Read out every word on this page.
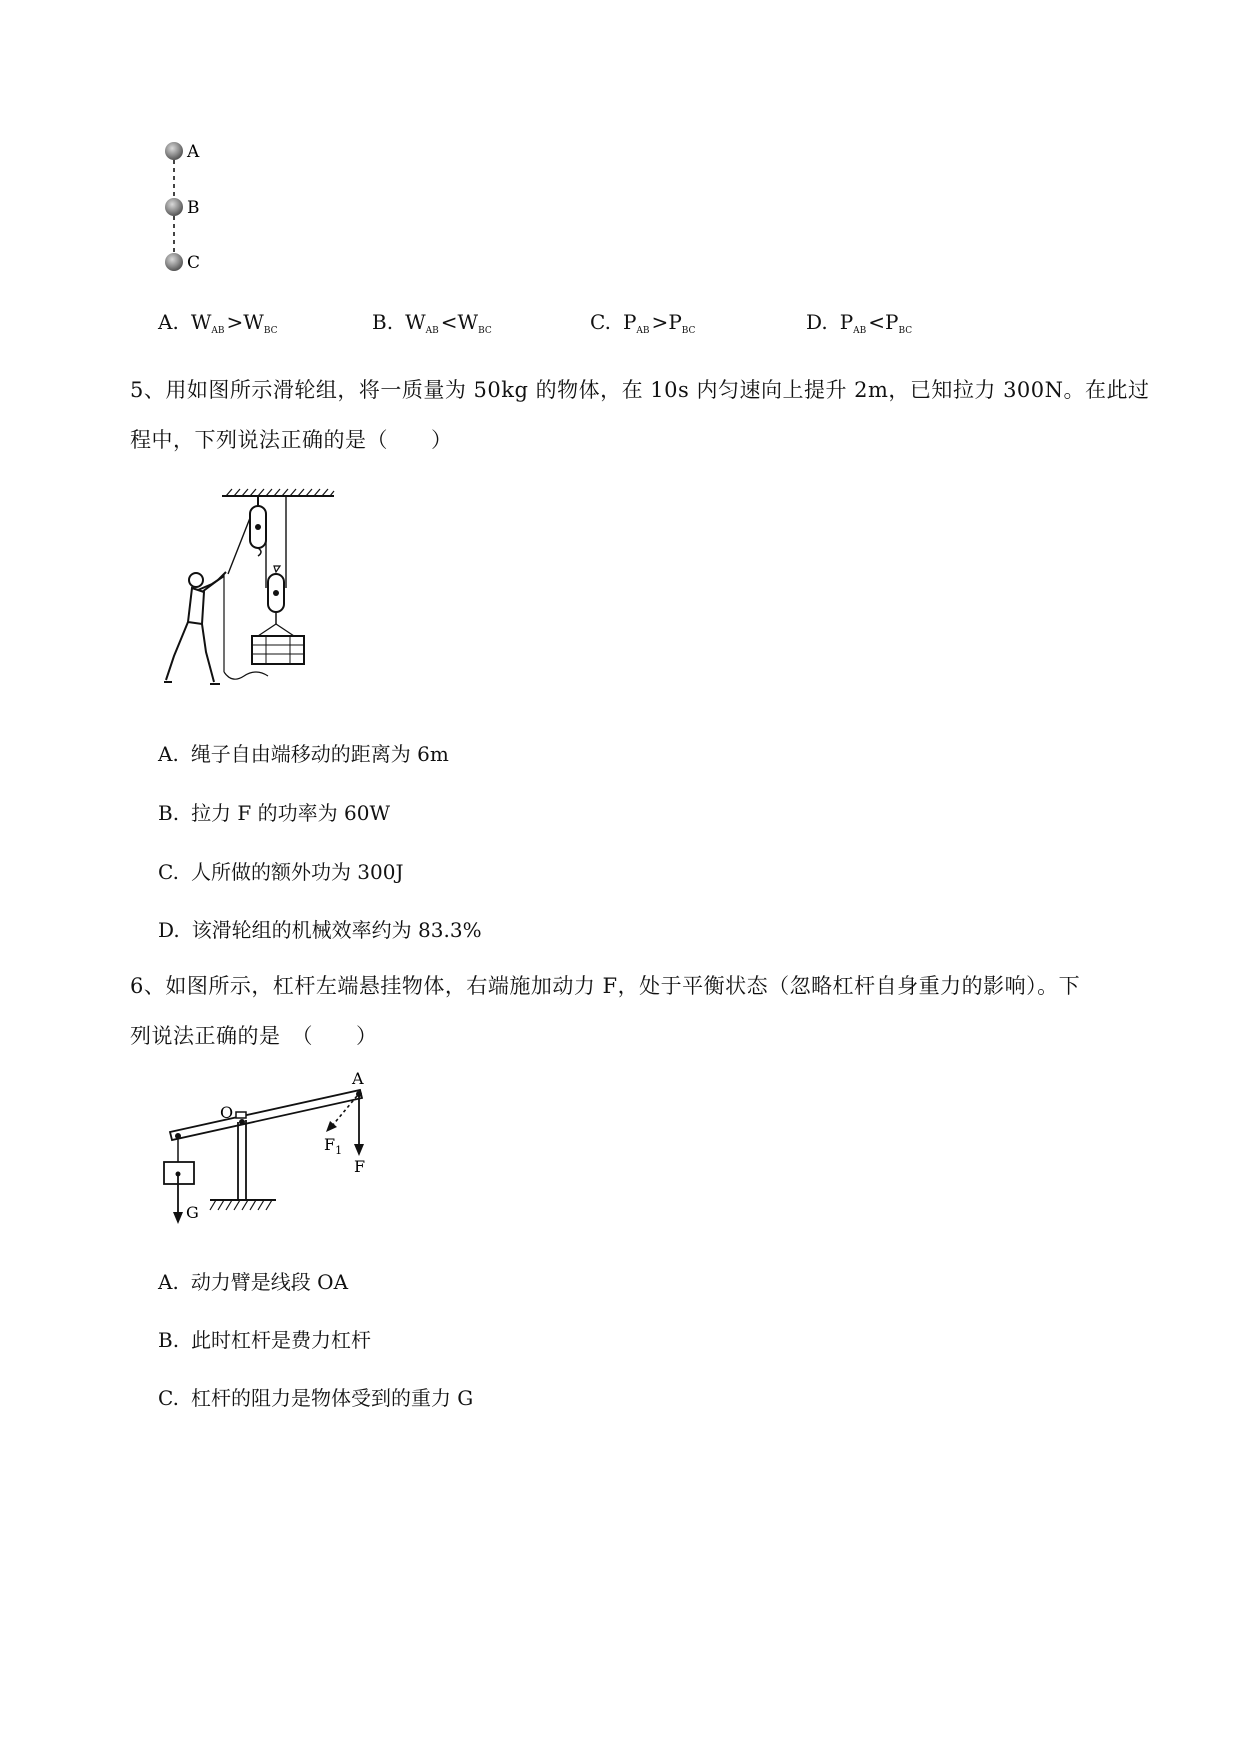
A
B
C
A. $W_{AB} >W_{BC}$	B. $W_{AB} <W_{BC}$	C. $P_{AB} >P_{BC}$	D. $P_{AB} <P_{BC}$
5、用如图所示滑轮组，将一质量为 50kg 的物体，在 10s 内匀速向上提升 2m，已知拉力 300N。在此过
程中，下列说法正确的是（　　）
A. 绳子自由端移动的距离为 6m
B. 拉力 F 的功率为 60W
C. 人所做的额外功为 300J
D. 该滑轮组的机械效率约为 83.3%
6、如图所示，杠杆左端悬挂物体，右端施加动力 F，处于平衡状态（忽略杠杆自身重力的影响）。下
列说法正确的是　（　　）
O
G
A
F
$F_1$
A. 动力臂是线段 OA
B. 此时杠杆是费力杠杆
C. 杠杆的阻力是物体受到的重力 G
